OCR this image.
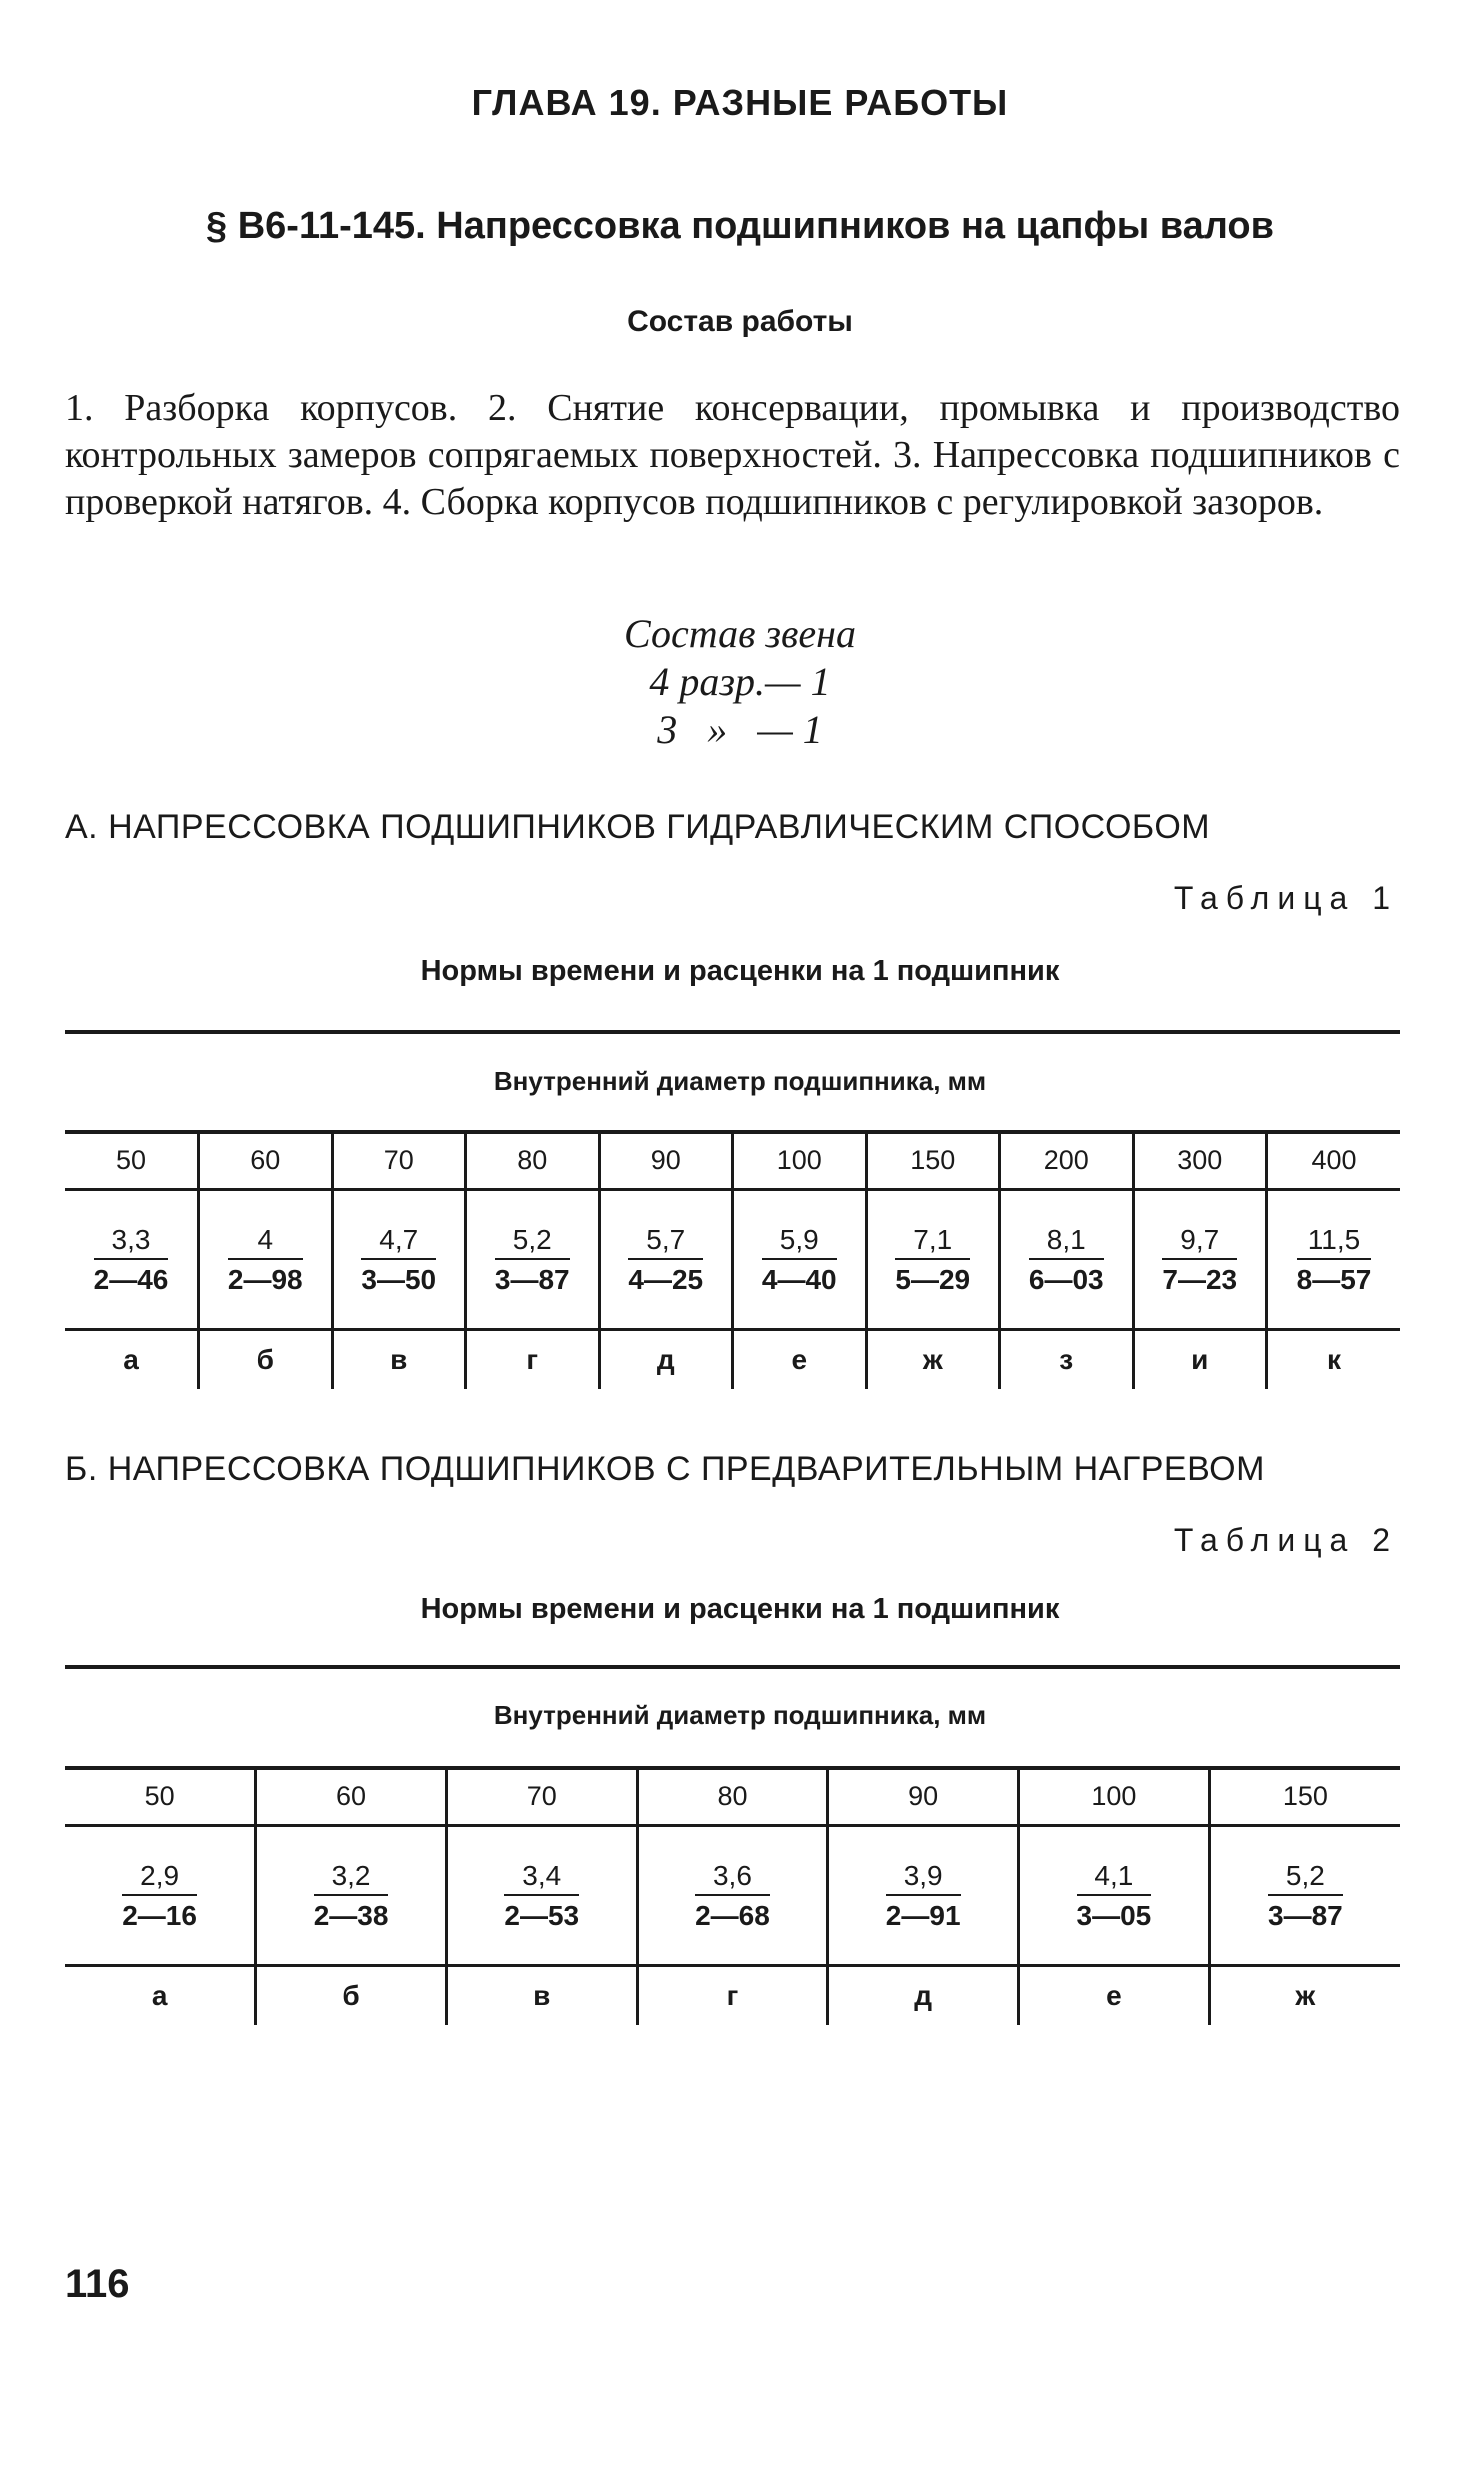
ГЛАВА 19. РАЗНЫЕ РАБОТЫ
§ В6-11-145. Напрессовка подшипников на цапфы валов
Состав работы
1. Разборка корпусов. 2. Снятие консервации, промывка и производство контрольных замеров сопрягаемых поверхностей. 3. Напрессовка подшипников с проверкой натягов. 4. Сборка корпусов подшипников с регулировкой зазоров.
Состав звена
4 разр.— 1
3   »   — 1
А. НАПРЕССОВКА ПОДШИПНИКОВ ГИДРАВЛИЧЕСКИМ СПОСОБОМ
Таблица 1
Нормы времени и расценки на 1 подшипник
Внутренний диаметр подшипника, мм
50	60	70	80	90	100	150	200	300	400

$\frac{3,3}{2—46}$	$\frac{4}{2—98}$	$\frac{4,7}{3—50}$	$\frac{5,2}{3—87}$	$\frac{5,7}{4—25}$	$\frac{5,9}{4—40}$	$\frac{7,1}{5—29}$	$\frac{8,1}{6—03}$	$\frac{9,7}{7—23}$	$\frac{11,5}{8—57}$

а	б	в	г	д	е	ж	з	и	к
Б. НАПРЕССОВКА ПОДШИПНИКОВ С ПРЕДВАРИТЕЛЬНЫМ НАГРЕВОМ
Таблица 2
Нормы времени и расценки на 1 подшипник
Внутренний диаметр подшипника, мм
50	60	70	80	90	100	150

$\frac{2,9}{2—16}$	$\frac{3,2}{2—38}$	$\frac{3,4}{2—53}$	$\frac{3,6}{2—68}$	$\frac{3,9}{2—91}$	$\frac{4,1}{3—05}$	$\frac{5,2}{3—87}$

а	б	в	г	д	е	ж
116
